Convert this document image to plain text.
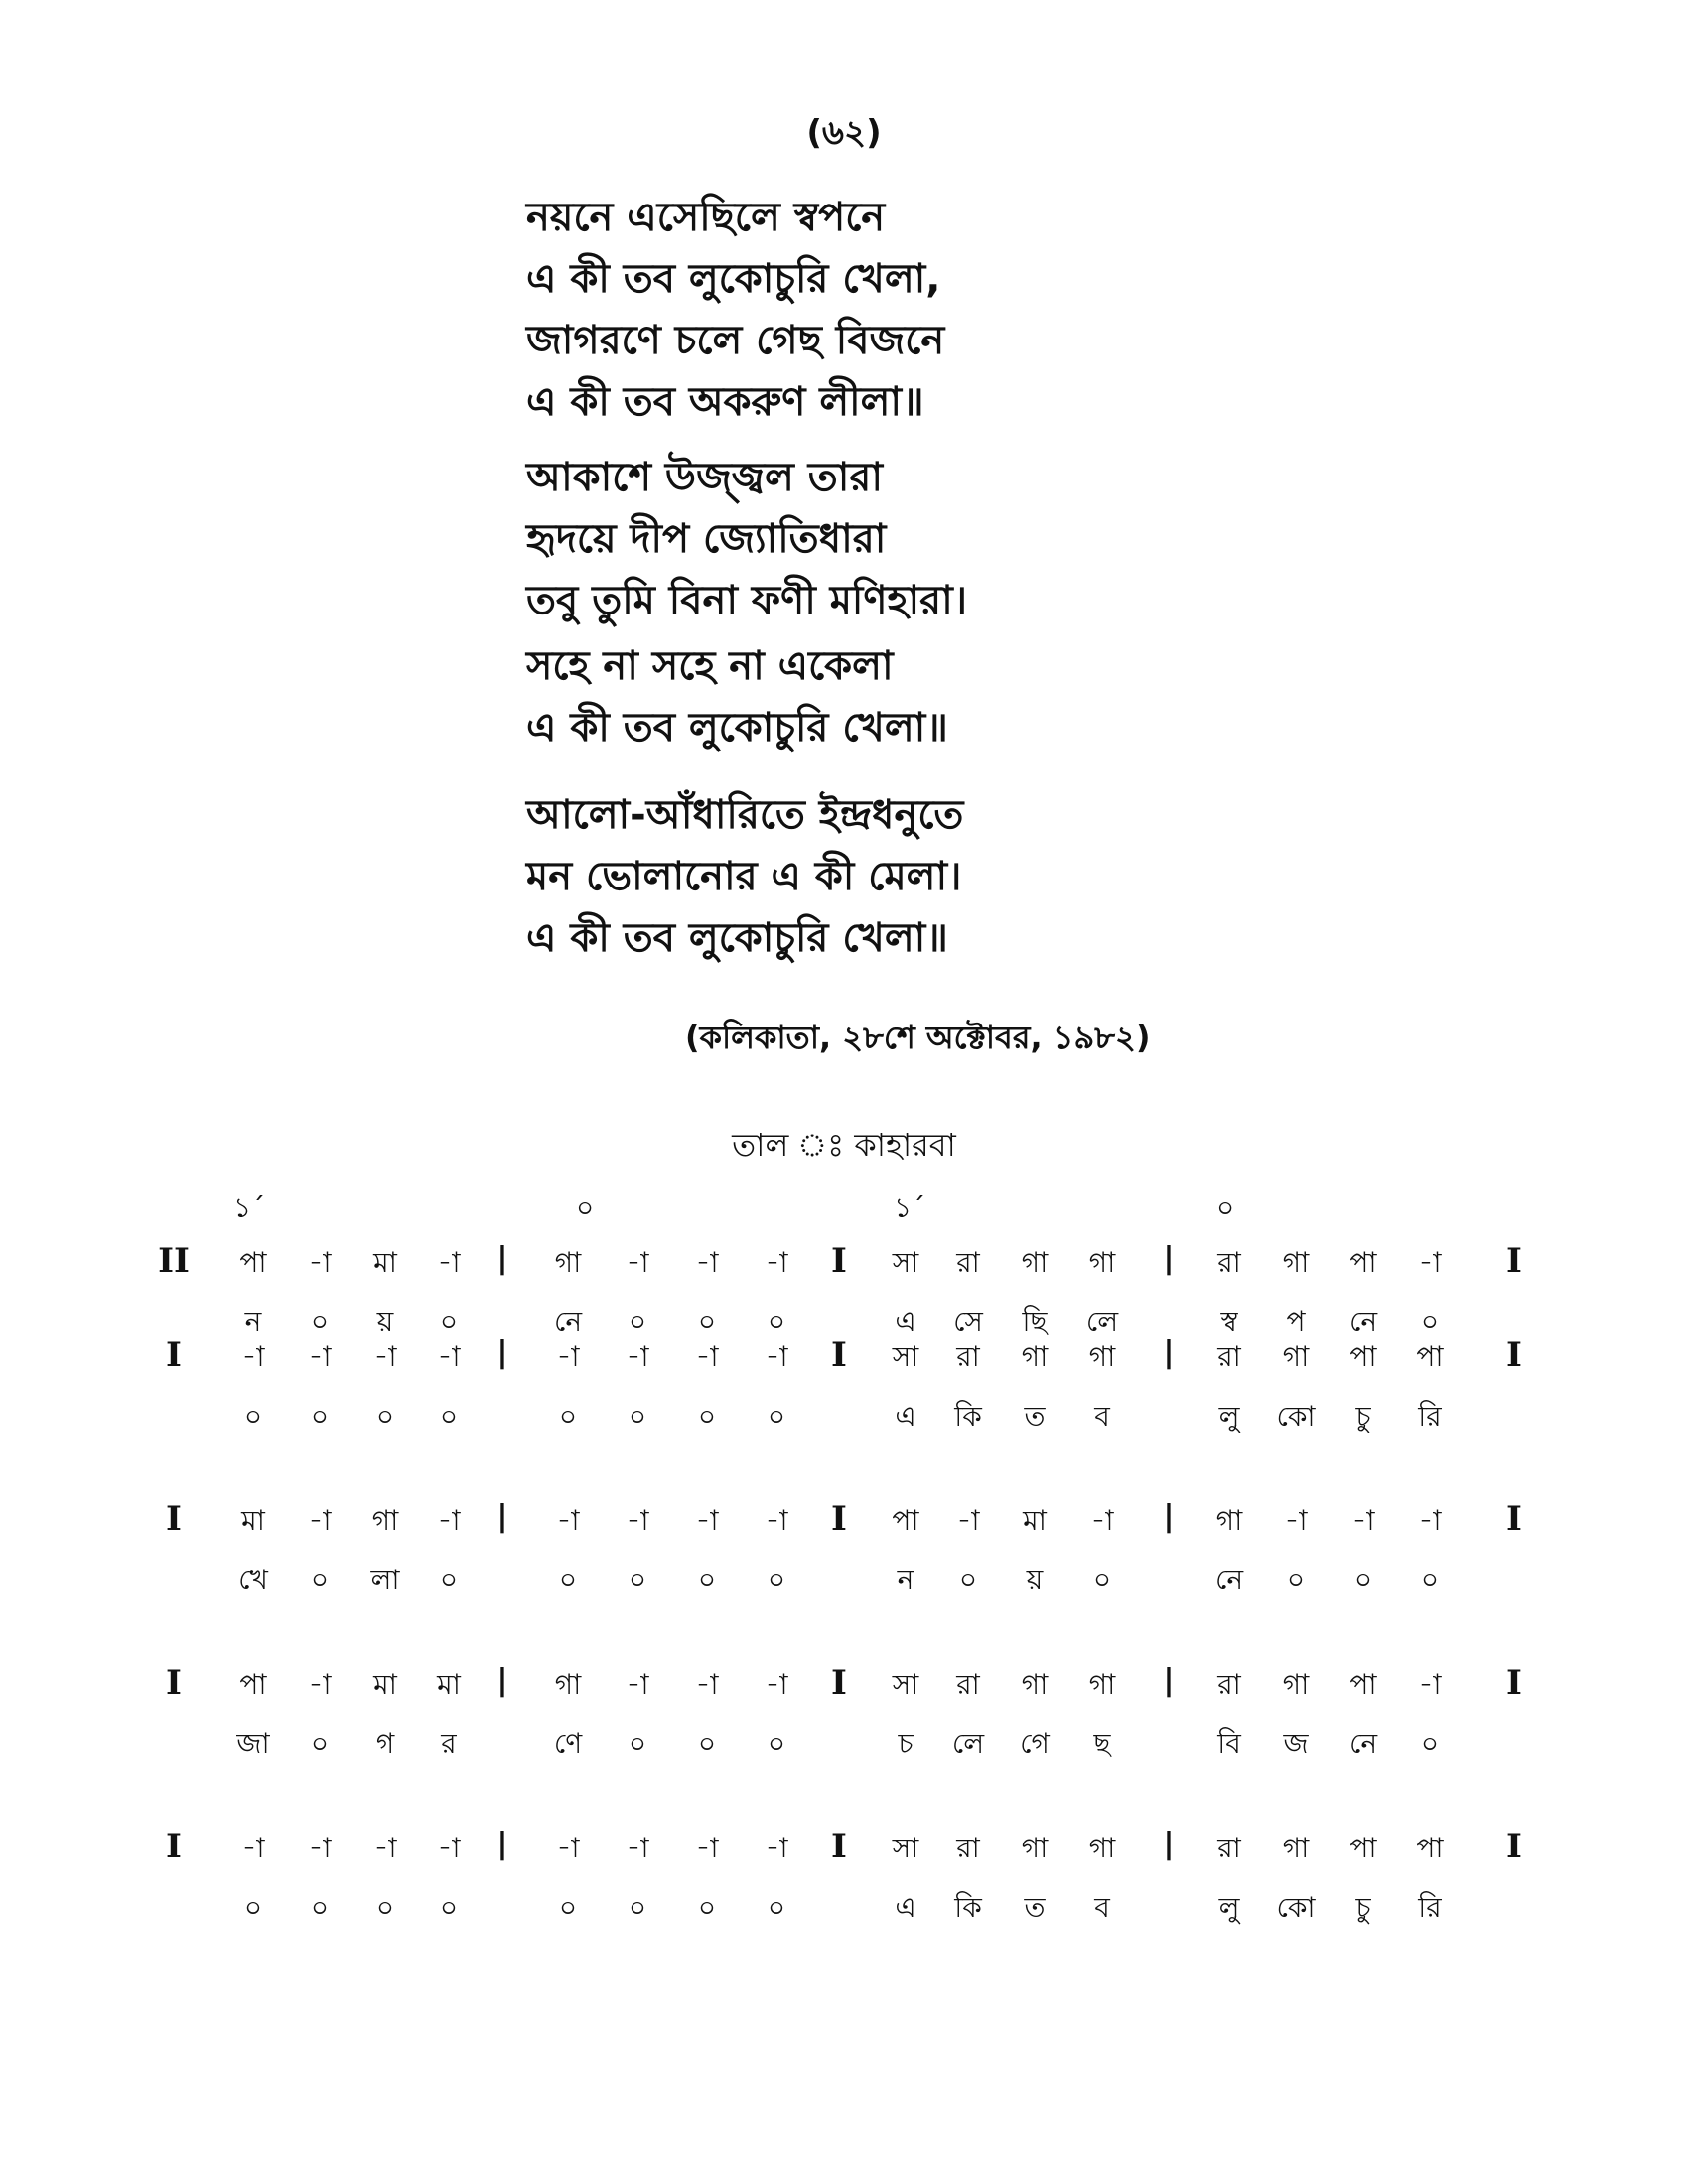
(৬২)
নয়নে এসেছিলে স্বপনে
এ কী তব লুকোচুরি খেলা,
জাগরণে চলে গেছ বিজনে
এ কী তব অকরুণ লীলা॥
আকাশে উজ্জ্বল তারা
হৃদয়ে দীপ জ্যোতিধারা
তবু তুমি বিনা ফণী মণিহারা।
সহে না সহে না একেলা
এ কী তব লুকোচুরি খেলা॥
আলো-আঁধারিতে ইন্দ্রধনুতে
মন ভোলানোর এ কী মেলা।
এ কী তব লুকোচুরি খেলা॥
(কলিকাতা, ২৮শে অক্টোবর, ১৯৮২)
তাল ঃ কাহারবা
১´	০	১´	০
IІ পা -া মা -া | গা -া -া -া I সা রা গা গা | রা গা পা -া I
ন ০ য় ০	নে ০ ০ ০	এ সে ছি লে	স্ব প নে ০
I -া -া -া -া | -া -া -া -া I সা রা গা গা | রা গা পা পা I
০ ০ ০ ০	০ ০ ০ ০	এ কি ত ব	লু কো চু রি
I মা -া গা -া | -া -া -া -া I পা -া মা -া | গা -া -া -া I
খে ০ লা ০	০ ০ ০ ০	ন ০ য় ০	নে ০ ০ ০
I পা -া মা মা | গা -া -া -া I সা রা গা গা | রা গা পা -া I
জা ০ গ র	ণে ০ ০ ০	চ লে গে ছ	বি জ নে ০
I -া -া -া -া | -া -া -া -া I সা রা গা গা | রা গা পা পা I
০ ০ ০ ০	০ ০ ০ ০	এ কি ত ব	লু কো চু রি
